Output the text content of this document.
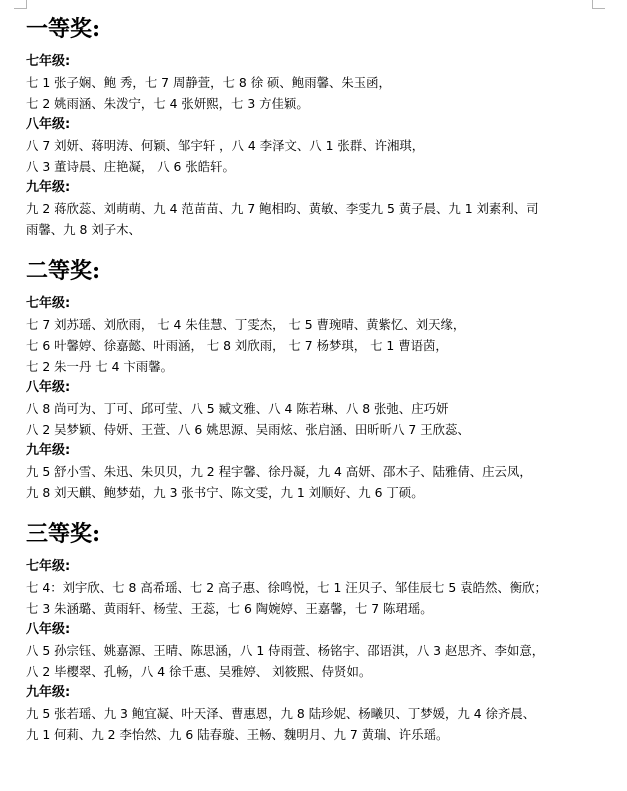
一等奖:
七年级:
七 1 张子娴、鲍 秀，七 7 周静萱，七 8 徐 硕、鲍雨馨、朱玉函，
七 2 姚雨涵、朱泼宁，七 4 张妍熙，七 3 方佳颖。
八年级:
八 7 刘妍、蒋明涛、何颖、邹宇轩 ，八 4 李泽文、八 1 张群、许湘琪，
八 3 董诗晨、庄艳凝， 八 6 张皓轩。
九年级:
九 2 蒋欣蕊、刘萌萌、九 4 范苗苗、九 7 鲍相昀、黄敏、李雯九 5 黄子晨、九 1 刘素利、司
雨馨、九 8 刘子木、
二等奖:
七年级:
七 7 刘苏瑶、刘欣雨， 七 4 朱佳慧、丁雯杰， 七 5 曹琬晴、黄紫忆、刘天缘，
七 6 叶馨婷、徐嘉懿、叶雨涵， 七 8 刘欣雨， 七 7 杨梦琪， 七 1 曹语茵，
七 2 朱一丹 七 4 卞雨馨。
八年级:
八 8 尚可为、丁可、邱可莹、八 5 臧文雅、八 4 陈若琳、八 8 张弛、庄巧妍
八 2 吴梦颖、侍妍、王萱、八 6 姚思源、吴雨炫、张启涵、田昕昕八 7 王欣蕊、
九年级:
九 5 舒小雪、朱迅、朱贝贝，九 2 程宇馨、徐丹凝，九 4 高妍、邵木子、陆雅倩、庄云凤，
九 8 刘天麒、鲍梦茹，九 3 张书宁、陈文雯，九 1 刘顺好、九 6 丁硕。
三等奖:
七年级:
七 4：刘宇欣、七 8 高希瑶、七 2 高子惠、徐鸣悦，七 1 汪贝子、邹佳辰七 5 袁皓然、衡欣；
七 3 朱涵璐、黄雨轩、杨莹、王蕊，七 6 陶婉婷、王嘉馨，七 7 陈珺瑶。
八年级:
八 5 孙宗钰、姚嘉源、王晴、陈思涵，八 1 侍雨萱、杨铭宇、邵语淇，八 3 赵思齐、李如意，
八 2 毕樱翠、孔畅，八 4 徐千惠、吴雅婷、 刘筱熙、侍贤如。
九年级:
九 5 张若瑶、九 3 鲍宜凝、叶天泽、曹惠恩，九 8 陆珍妮、杨曦贝、丁梦媛，九 4 徐齐晨、
九 1 何莉、九 2 李怡然、九 6 陆春璇、王畅、魏明月、九 7 黄瑞、许乐瑶。
